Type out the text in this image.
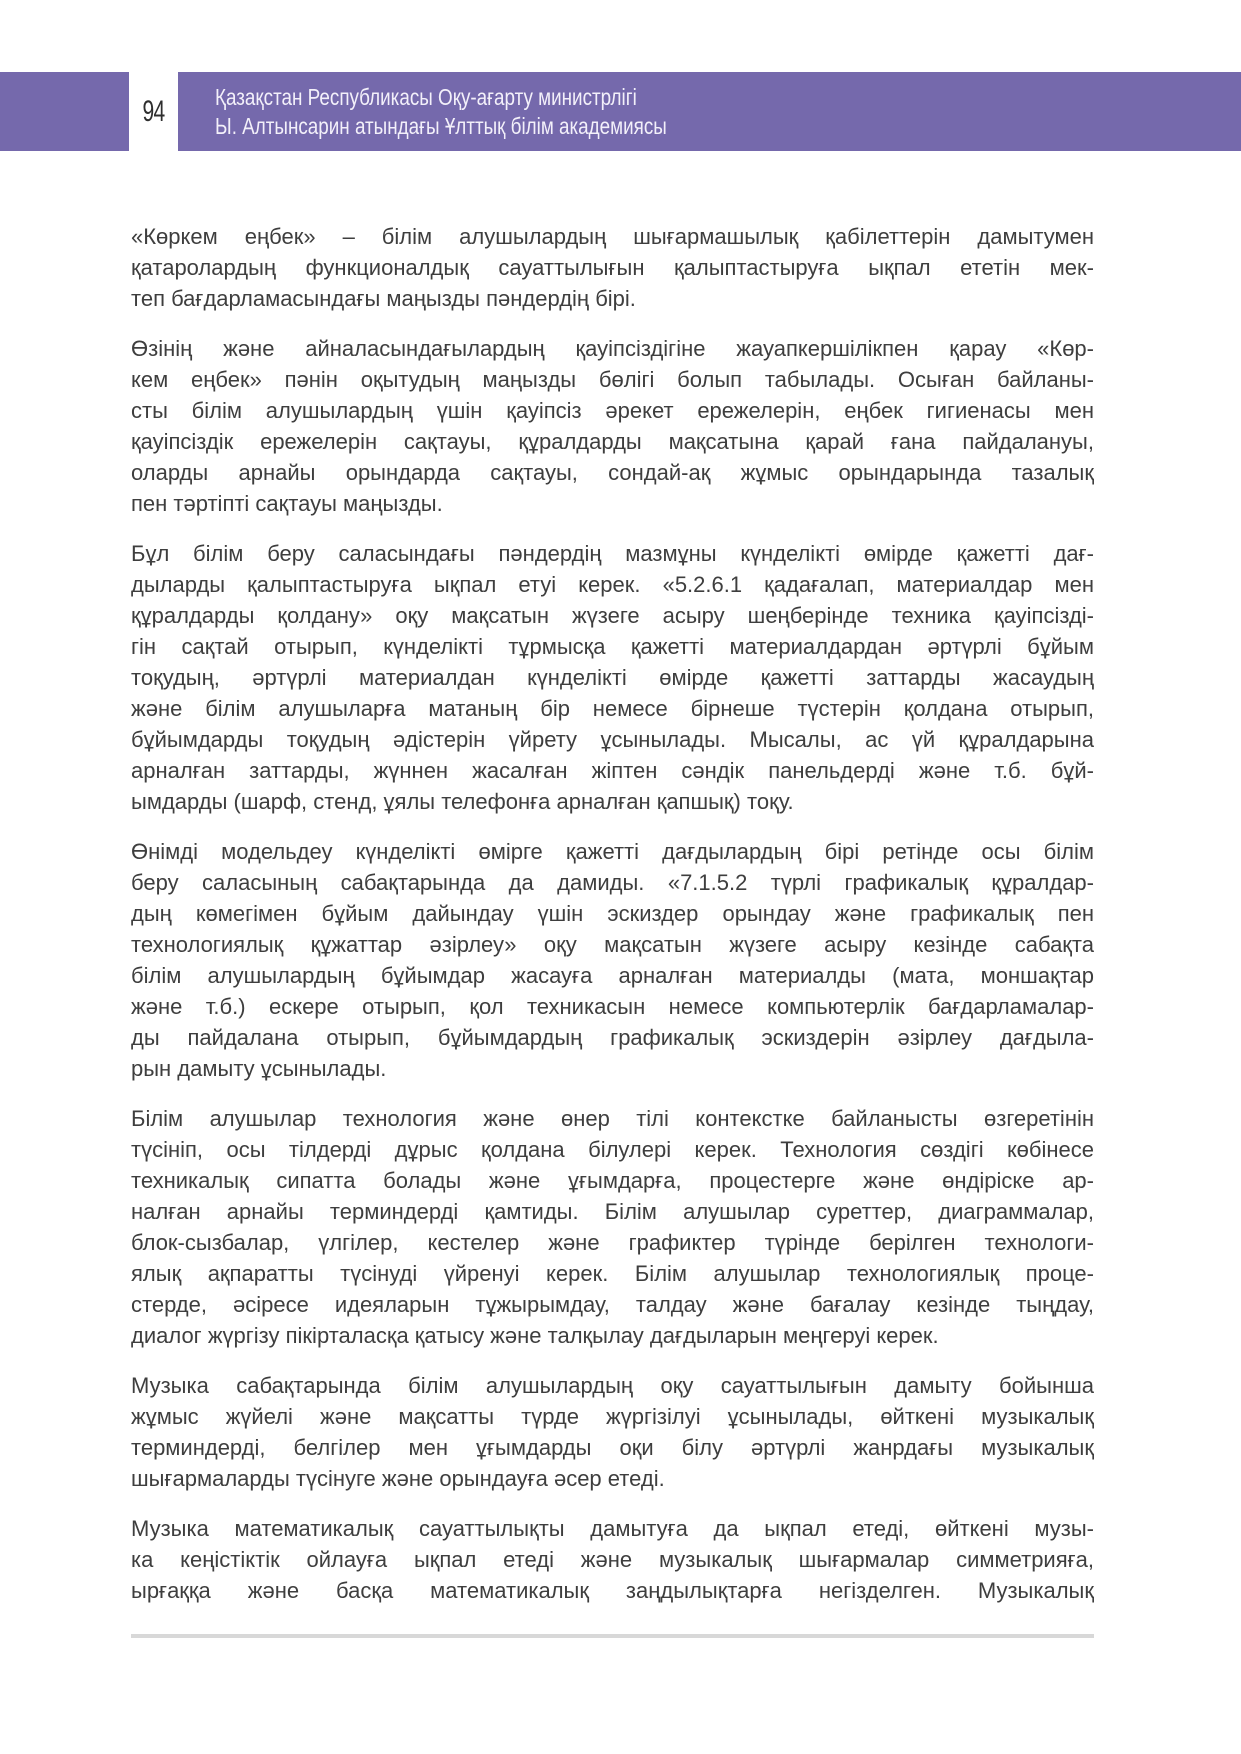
94 Қазақстан Республикасы Оқу-ағарту министрлігі
Ы. Алтынсарин атындағы Ұлттық білім академиясы
«Көркем еңбек» – білім алушылардың шығармашылық қабілеттерін дамытумен
қатаролардың функционалдық сауаттылығын қалыптастыруға ықпал ететін мек-
теп бағдарламасындағы маңызды пәндердің бірі.
Өзінің және айналасындағылардың қауіпсіздігіне жауапкершілікпен қарау «Көр-
кем еңбек» пәнін оқытудың маңызды бөлігі болып табылады. Осыған байланы-
сты білім алушылардың үшін қауіпсіз әрекет ережелерін, еңбек гигиенасы мен
қауіпсіздік ережелерін сақтауы, құралдарды мақсатына қарай ғана пайдалануы,
оларды арнайы орындарда сақтауы, сондай-ақ жұмыс орындарында тазалық
пен тәртіпті сақтауы маңызды.
Бұл білім беру саласындағы пәндердің мазмұны күнделікті өмірде қажетті дағ-
дыларды қалыптастыруға ықпал етуі керек. «5.2.6.1 қадағалап, материалдар мен
құралдарды қолдану» оқу мақсатын жүзеге асыру шеңберінде техника қауіпсізді-
гін сақтай отырып, күнделікті тұрмысқа қажетті материалдардан әртүрлі бұйым
тоқудың, әртүрлі материалдан күнделікті өмірде қажетті заттарды жасаудың
және білім алушыларға матаның бір немесе бірнеше түстерін қолдана отырып,
бұйымдарды тоқудың әдістерін үйрету ұсынылады. Мысалы, ас үй құралдарына
арналған заттарды, жүннен жасалған жіптен сәндік панельдерді және т.б. бұй-
ымдарды (шарф, стенд, ұялы телефонға арналған қапшық) тоқу.
Өнімді модельдеу күнделікті өмірге қажетті дағдылардың бірі ретінде осы білім
беру саласының сабақтарында да дамиды. «7.1.5.2 түрлі графикалық құралдар-
дың көмегімен бұйым дайындау үшін эскиздер орындау және графикалық пен
технологиялық құжаттар әзірлеу» оқу мақсатын жүзеге асыру кезінде сабақта
білім алушылардың бұйымдар жасауға арналған материалды (мата, моншақтар
және т.б.) ескере отырып, қол техникасын немесе компьютерлік бағдарламалар-
ды пайдалана отырып, бұйымдардың графикалық эскиздерін әзірлеу дағдыла-
рын дамыту ұсынылады.
Білім алушылар технология және өнер тілі контекстке байланысты өзгеретінін
түсініп, осы тілдерді дұрыс қолдана білулері керек. Технология сөздігі көбінесе
техникалық сипатта болады және ұғымдарға, процестерге және өндіріске ар-
налған арнайы терминдерді қамтиды. Білім алушылар суреттер, диаграммалар,
блок-сызбалар, үлгілер, кестелер және графиктер түрінде берілген технологи-
ялық ақпаратты түсінуді үйренуі керек. Білім алушылар технологиялық проце-
стерде, әсіресе идеяларын тұжырымдау, талдау және бағалау кезінде тыңдау,
диалог жүргізу пікірталасқа қатысу және талқылау дағдыларын меңгеруі керек.
Музыка сабақтарында білім алушылардың оқу сауаттылығын дамыту бойынша
жұмыс жүйелі және мақсатты түрде жүргізілуі ұсынылады, өйткені музыкалық
терминдерді, белгілер мен ұғымдарды оқи білу әртүрлі жанрдағы музыкалық
шығармаларды түсінуге және орындауға әсер етеді.
Музыка математикалық сауаттылықты дамытуға да ықпал етеді, өйткені музы-
ка кеңістіктік ойлауға ықпал етеді және музыкалық шығармалар симметрияға,
ырғаққа және басқа математикалық заңдылықтарға негізделген. Музыкалық
